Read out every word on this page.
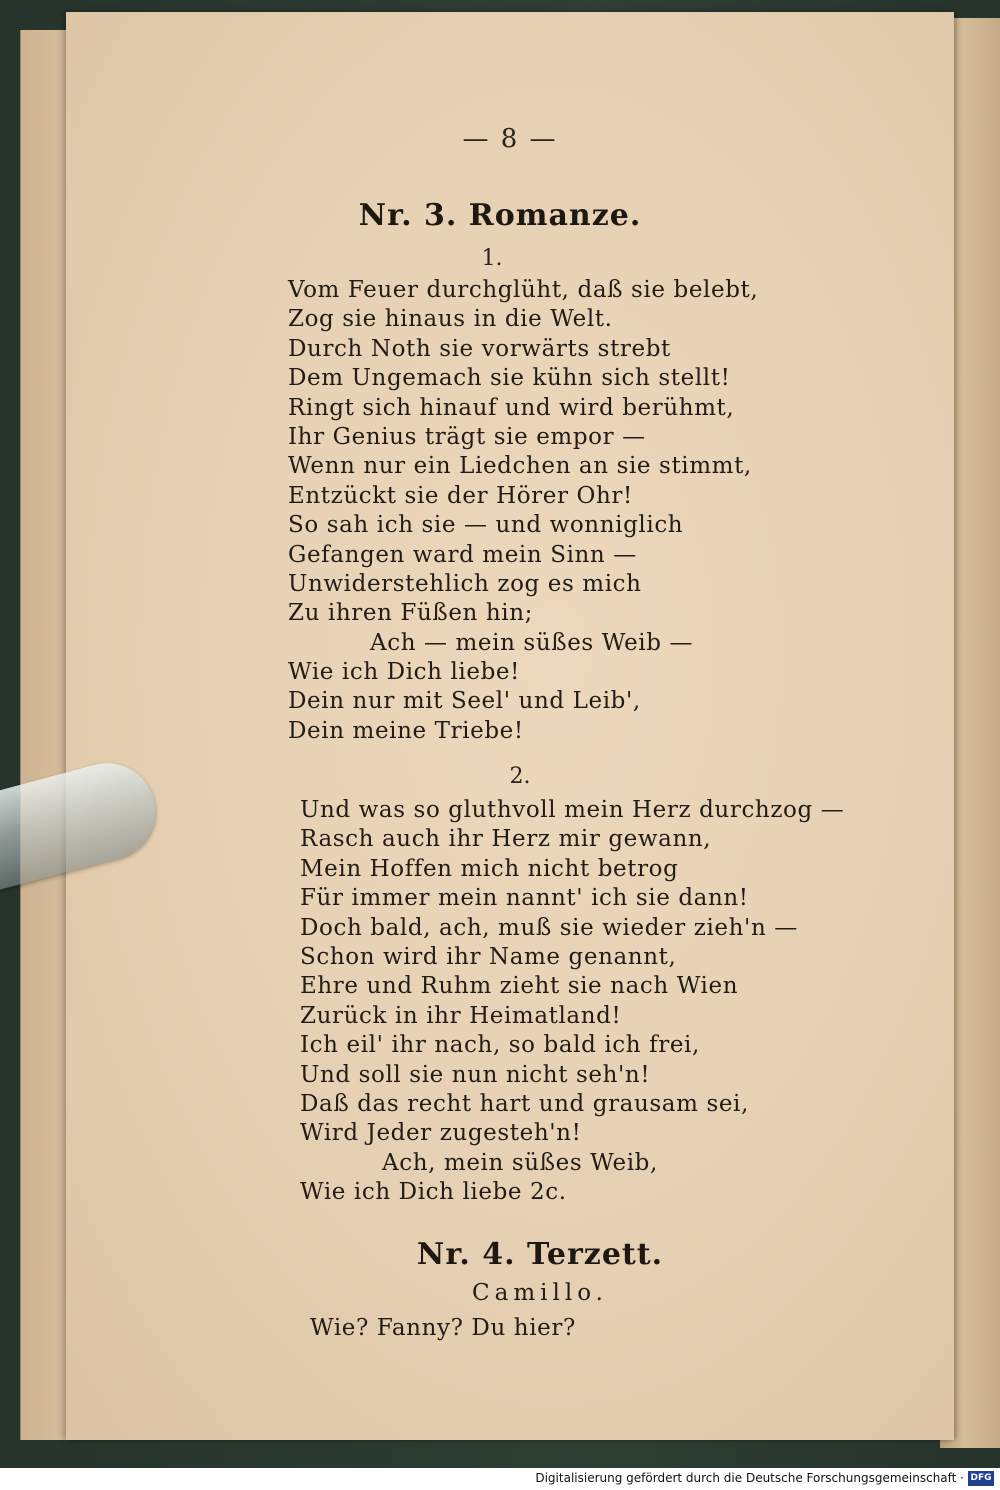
— 8 —
Nr. 3. Romanze.
1.
Vom Feuer durchglüht, daß sie belebt,
Zog sie hinaus in die Welt.
Durch Noth sie vorwärts strebt
Dem Ungemach sie kühn sich stellt!
Ringt sich hinauf und wird berühmt,
Ihr Genius trägt sie empor —
Wenn nur ein Liedchen an sie stimmt,
Entzückt sie der Hörer Ohr!
So sah ich sie — und wonniglich
Gefangen ward mein Sinn —
Unwiderstehlich zog es mich
Zu ihren Füßen hin;
Ach — mein süßes Weib —
Wie ich Dich liebe!
Dein nur mit Seel' und Leib',
Dein meine Triebe!
2.
Und was so gluthvoll mein Herz durchzog —
Rasch auch ihr Herz mir gewann,
Mein Hoffen mich nicht betrog
Für immer mein nannt' ich sie dann!
Doch bald, ach, muß sie wieder zieh'n —
Schon wird ihr Name genannt,
Ehre und Ruhm zieht sie nach Wien
Zurück in ihr Heimatland!
Ich eil' ihr nach, so bald ich frei,
Und soll sie nun nicht seh'n!
Daß das recht hart und grausam sei,
Wird Jeder zugesteh'n!
Ach, mein süßes Weib,
Wie ich Dich liebe 2c.
Nr. 4. Terzett.
Camillo.
Wie? Fanny? Du hier?
Digitalisierung gefördert durch die Deutsche Forschungsgemeinschaft · DFG
